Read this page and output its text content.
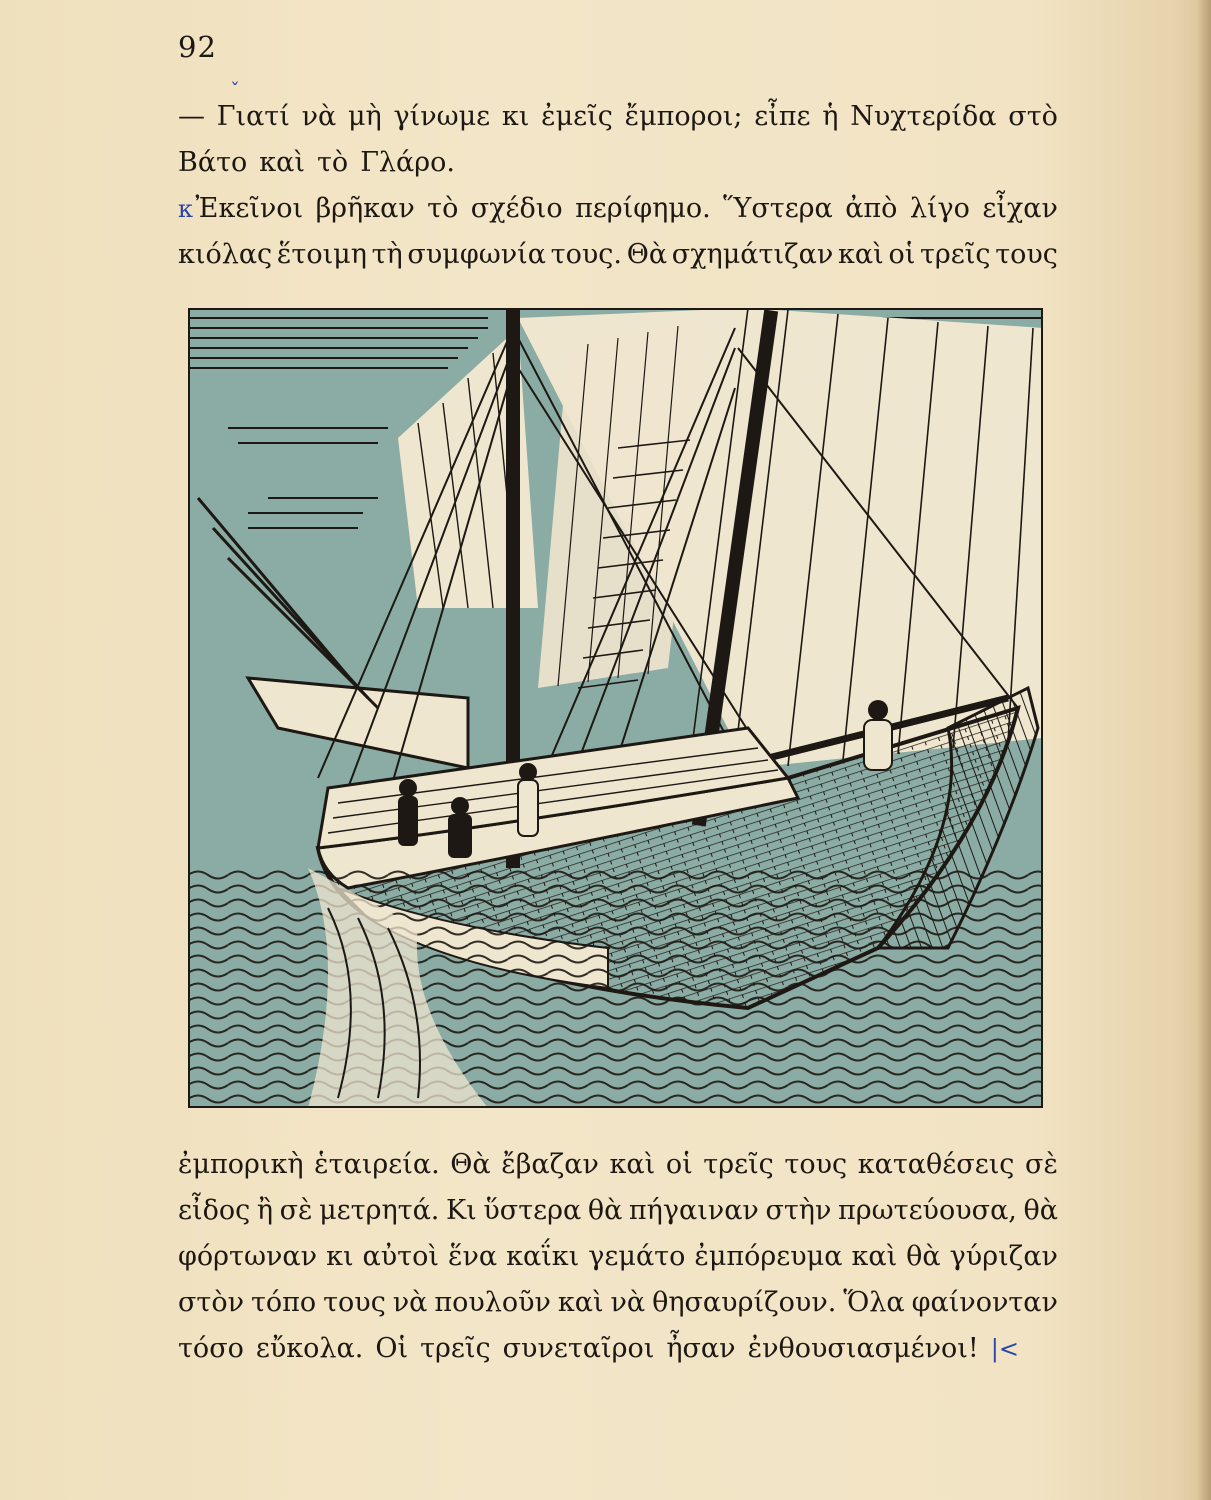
92
ˇ
— Γιατί νὰ μὴ γίνωμε κι ἐμεῖς ἔμποροι; εἶπε ἡ Νυχτερίδα στὸ
Βάτο καὶ τὸ Γλάρο.
κ Ἐκεῖνοι βρῆκαν τὸ σχέδιο περίφημο. Ὕστερα ἀπὸ λίγο εἶχαν
κιόλας ἕτοιμη τὴ συμφωνία τους. Θὰ σχημάτιζαν καὶ οἱ τρεῖς τους
ἐμπορικὴ ἑταιρεία. Θὰ ἔβαζαν καὶ οἱ τρεῖς τους καταθέσεις σὲ
εἶδος ἢ σὲ μετρητά. Κι ὕστερα θὰ πήγαιναν στὴν πρωτεύουσα, θὰ
φόρτωναν κι αὐτοὶ ἕνα καΐκι γεμάτο ἐμπόρευμα καὶ θὰ γύριζαν
στὸν τόπο τους νὰ πουλοῦν καὶ νὰ θησαυρίζουν. Ὅλα φαίνονταν
τόσο εὔκολα. Οἱ τρεῖς συνεταῖροι ἦσαν ἐνθουσιασμένοι! |<
